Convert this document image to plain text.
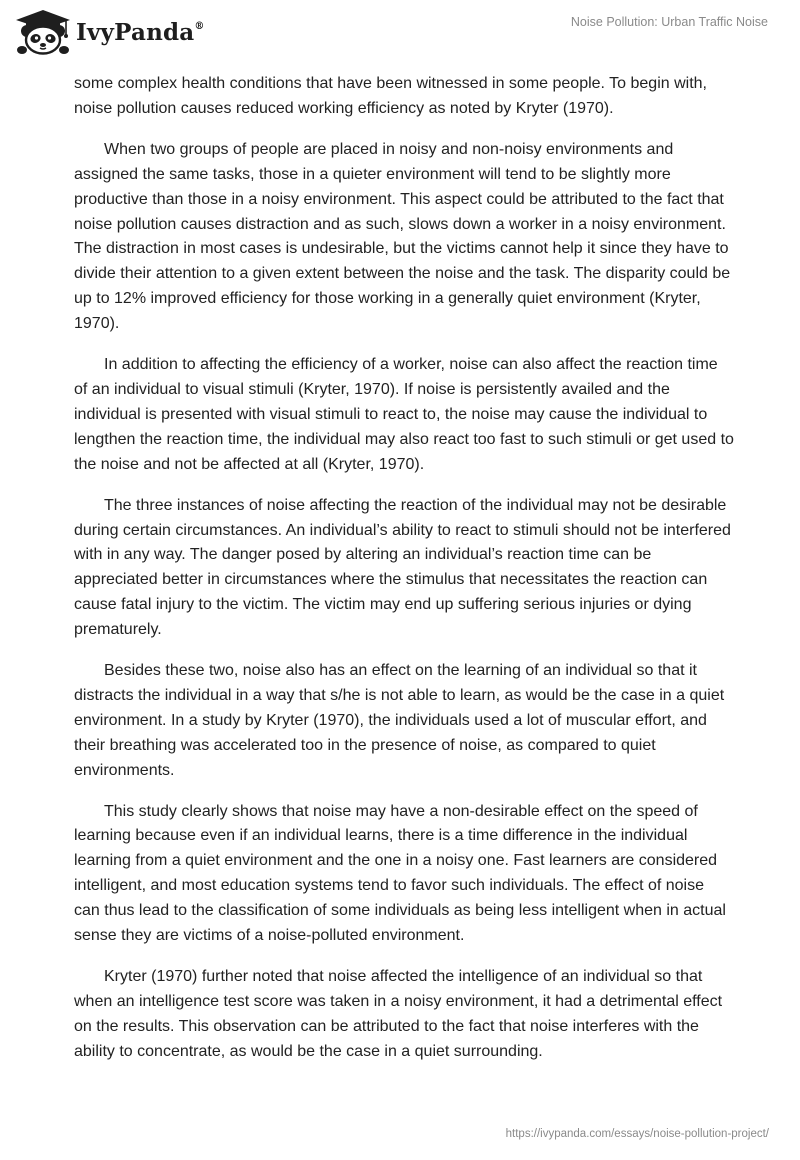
IvyPanda®	Noise Pollution: Urban Traffic Noise

some complex health conditions that have been witnessed in some people. To begin with, noise pollution causes reduced working efficiency as noted by Kryter (1970).

When two groups of people are placed in noisy and non-noisy environments and assigned the same tasks, those in a quieter environment will tend to be slightly more productive than those in a noisy environment. This aspect could be attributed to the fact that noise pollution causes distraction and as such, slows down a worker in a noisy environment. The distraction in most cases is undesirable, but the victims cannot help it since they have to divide their attention to a given extent between the noise and the task. The disparity could be up to 12% improved efficiency for those working in a generally quiet environment (Kryter, 1970).

In addition to affecting the efficiency of a worker, noise can also affect the reaction time of an individual to visual stimuli (Kryter, 1970). If noise is persistently availed and the individual is presented with visual stimuli to react to, the noise may cause the individual to lengthen the reaction time, the individual may also react too fast to such stimuli or get used to the noise and not be affected at all (Kryter, 1970).

The three instances of noise affecting the reaction of the individual may not be desirable during certain circumstances. An individual’s ability to react to stimuli should not be interfered with in any way. The danger posed by altering an individual’s reaction time can be appreciated better in circumstances where the stimulus that necessitates the reaction can cause fatal injury to the victim. The victim may end up suffering serious injuries or dying prematurely.

Besides these two, noise also has an effect on the learning of an individual so that it distracts the individual in a way that s/he is not able to learn, as would be the case in a quiet environment. In a study by Kryter (1970), the individuals used a lot of muscular effort, and their breathing was accelerated too in the presence of noise, as compared to quiet environments.

This study clearly shows that noise may have a non-desirable effect on the speed of learning because even if an individual learns, there is a time difference in the individual learning from a quiet environment and the one in a noisy one. Fast learners are considered intelligent, and most education systems tend to favor such individuals. The effect of noise can thus lead to the classification of some individuals as being less intelligent when in actual sense they are victims of a noise-polluted environment.

Kryter (1970) further noted that noise affected the intelligence of an individual so that when an intelligence test score was taken in a noisy environment, it had a detrimental effect on the results. This observation can be attributed to the fact that noise interferes with the ability to concentrate, as would be the case in a quiet surrounding.

https://ivypanda.com/essays/noise-pollution-project/
